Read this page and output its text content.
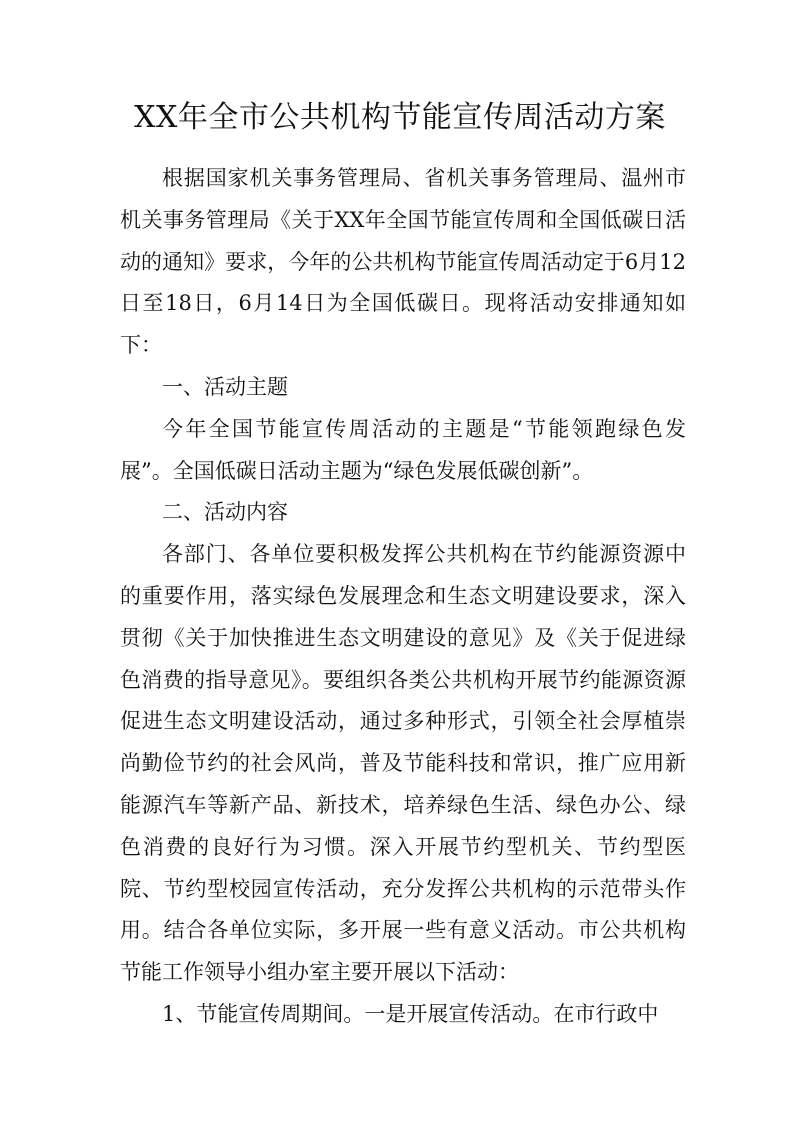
XX年全市公共机构节能宣传周活动方案

根据国家机关事务管理局、省机关事务管理局、温州市机关事务管理局《关于XX年全国节能宣传周和全国低碳日活动的通知》要求，今年的公共机构节能宣传周活动定于6月12日至18日，6月14日为全国低碳日。现将活动安排通知如下：

一、活动主题

今年全国节能宣传周活动的主题是“节能领跑绿色发展”。全国低碳日活动主题为“绿色发展低碳创新”。

二、活动内容

各部门、各单位要积极发挥公共机构在节约能源资源中的重要作用，落实绿色发展理念和生态文明建设要求，深入贯彻《关于加快推进生态文明建设的意见》及《关于促进绿色消费的指导意见》。要组织各类公共机构开展节约能源资源促进生态文明建设活动，通过多种形式，引领全社会厚植崇尚勤俭节约的社会风尚，普及节能科技和常识，推广应用新能源汽车等新产品、新技术，培养绿色生活、绿色办公、绿色消费的良好行为习惯。深入开展节约型机关、节约型医院、节约型校园宣传活动，充分发挥公共机构的示范带头作用。结合各单位实际，多开展一些有意义活动。市公共机构节能工作领导小组办室主要开展以下活动：

1、节能宣传周期间。一是开展宣传活动。在市行政中
